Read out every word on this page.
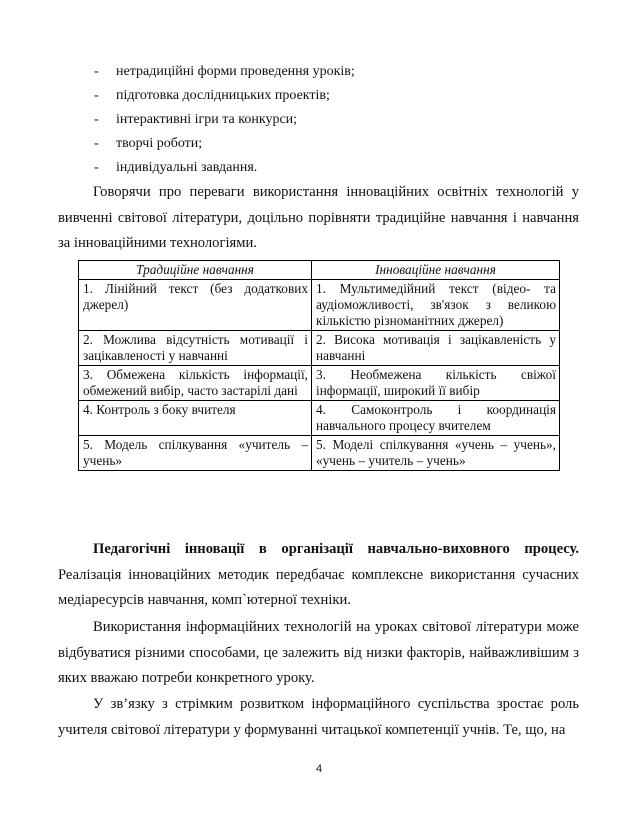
-	нетрадиційні форми проведення уроків;
-	підготовка дослідницьких проектів;
-	інтерактивні ігри та конкурси;
-	творчі роботи;
-	індивідуальні завдання.

Говорячи про переваги використання інноваційних освітніх технологій у вивченні світової літератури, доцільно порівняти традиційне навчання і навчання за інноваційними технологіями.

Традиційне навчання	Інноваційне навчання
1. Лінійний текст (без додаткових джерел)	1. Мультимедійний текст (відео- та аудіоможливості, зв'язок з великою кількістю різноманітних джерел)
2. Можлива відсутність мотивації і зацікавленості у навчанні	2. Висока мотивація і зацікавленість у навчанні
3. Обмежена кількість інформації, обмежений вибір, часто застарілі дані	3. Необмежена кількість свіжої інформації, широкий її вибір
4. Контроль з боку вчителя	4. Самоконтроль і координація навчального процесу вчителем
5. Модель спілкування «учитель – учень»	5. Моделі спілкування «учень – учень», «учень – учитель – учень»

Педагогічні інновації в організації навчально-виховного процесу. Реалізація інноваційних методик передбачає комплексне використання сучасних медіаресурсів навчання, комп`ютерної техніки.

Використання інформаційних технологій на уроках світової літератури може відбуватися різними способами, це залежить від низки факторів, найважливішим з яких вважаю потреби конкретного уроку.

У зв’язку з стрімким розвитком інформаційного суспільства зростає роль учителя світової літератури у формуванні читацької компетенції учнів. Те, що, на

4
